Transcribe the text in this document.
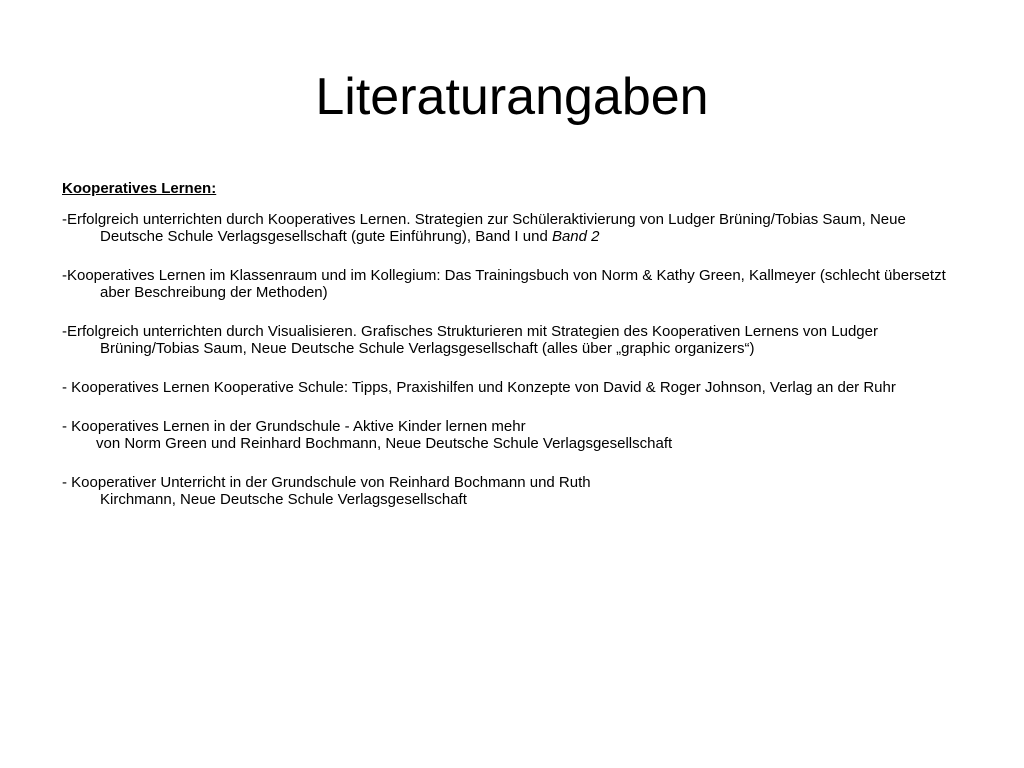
Literaturangaben
Kooperatives Lernen:
-Erfolgreich unterrichten durch Kooperatives Lernen. Strategien zur Schüleraktivierung von Ludger Brüning/Tobias Saum, Neue Deutsche Schule Verlagsgesellschaft (gute Einführung), Band I und Band 2
-Kooperatives Lernen im Klassenraum und im Kollegium: Das Trainingsbuch von Norm & Kathy Green, Kallmeyer (schlecht übersetzt aber Beschreibung der Methoden)
-Erfolgreich unterrichten durch Visualisieren. Grafisches Strukturieren mit Strategien des Kooperativen Lernens von Ludger Brüning/Tobias Saum, Neue Deutsche Schule Verlagsgesellschaft (alles über „graphic organizers“)
- Kooperatives Lernen Kooperative Schule: Tipps, Praxishilfen und Konzepte von David & Roger Johnson, Verlag an der Ruhr
- Kooperatives Lernen in der Grundschule - Aktive Kinder lernen mehr
von Norm Green und Reinhard Bochmann, Neue Deutsche Schule Verlagsgesellschaft
- Kooperativer Unterricht in der Grundschule von Reinhard Bochmann und Ruth
Kirchmann, Neue Deutsche Schule Verlagsgesellschaft
